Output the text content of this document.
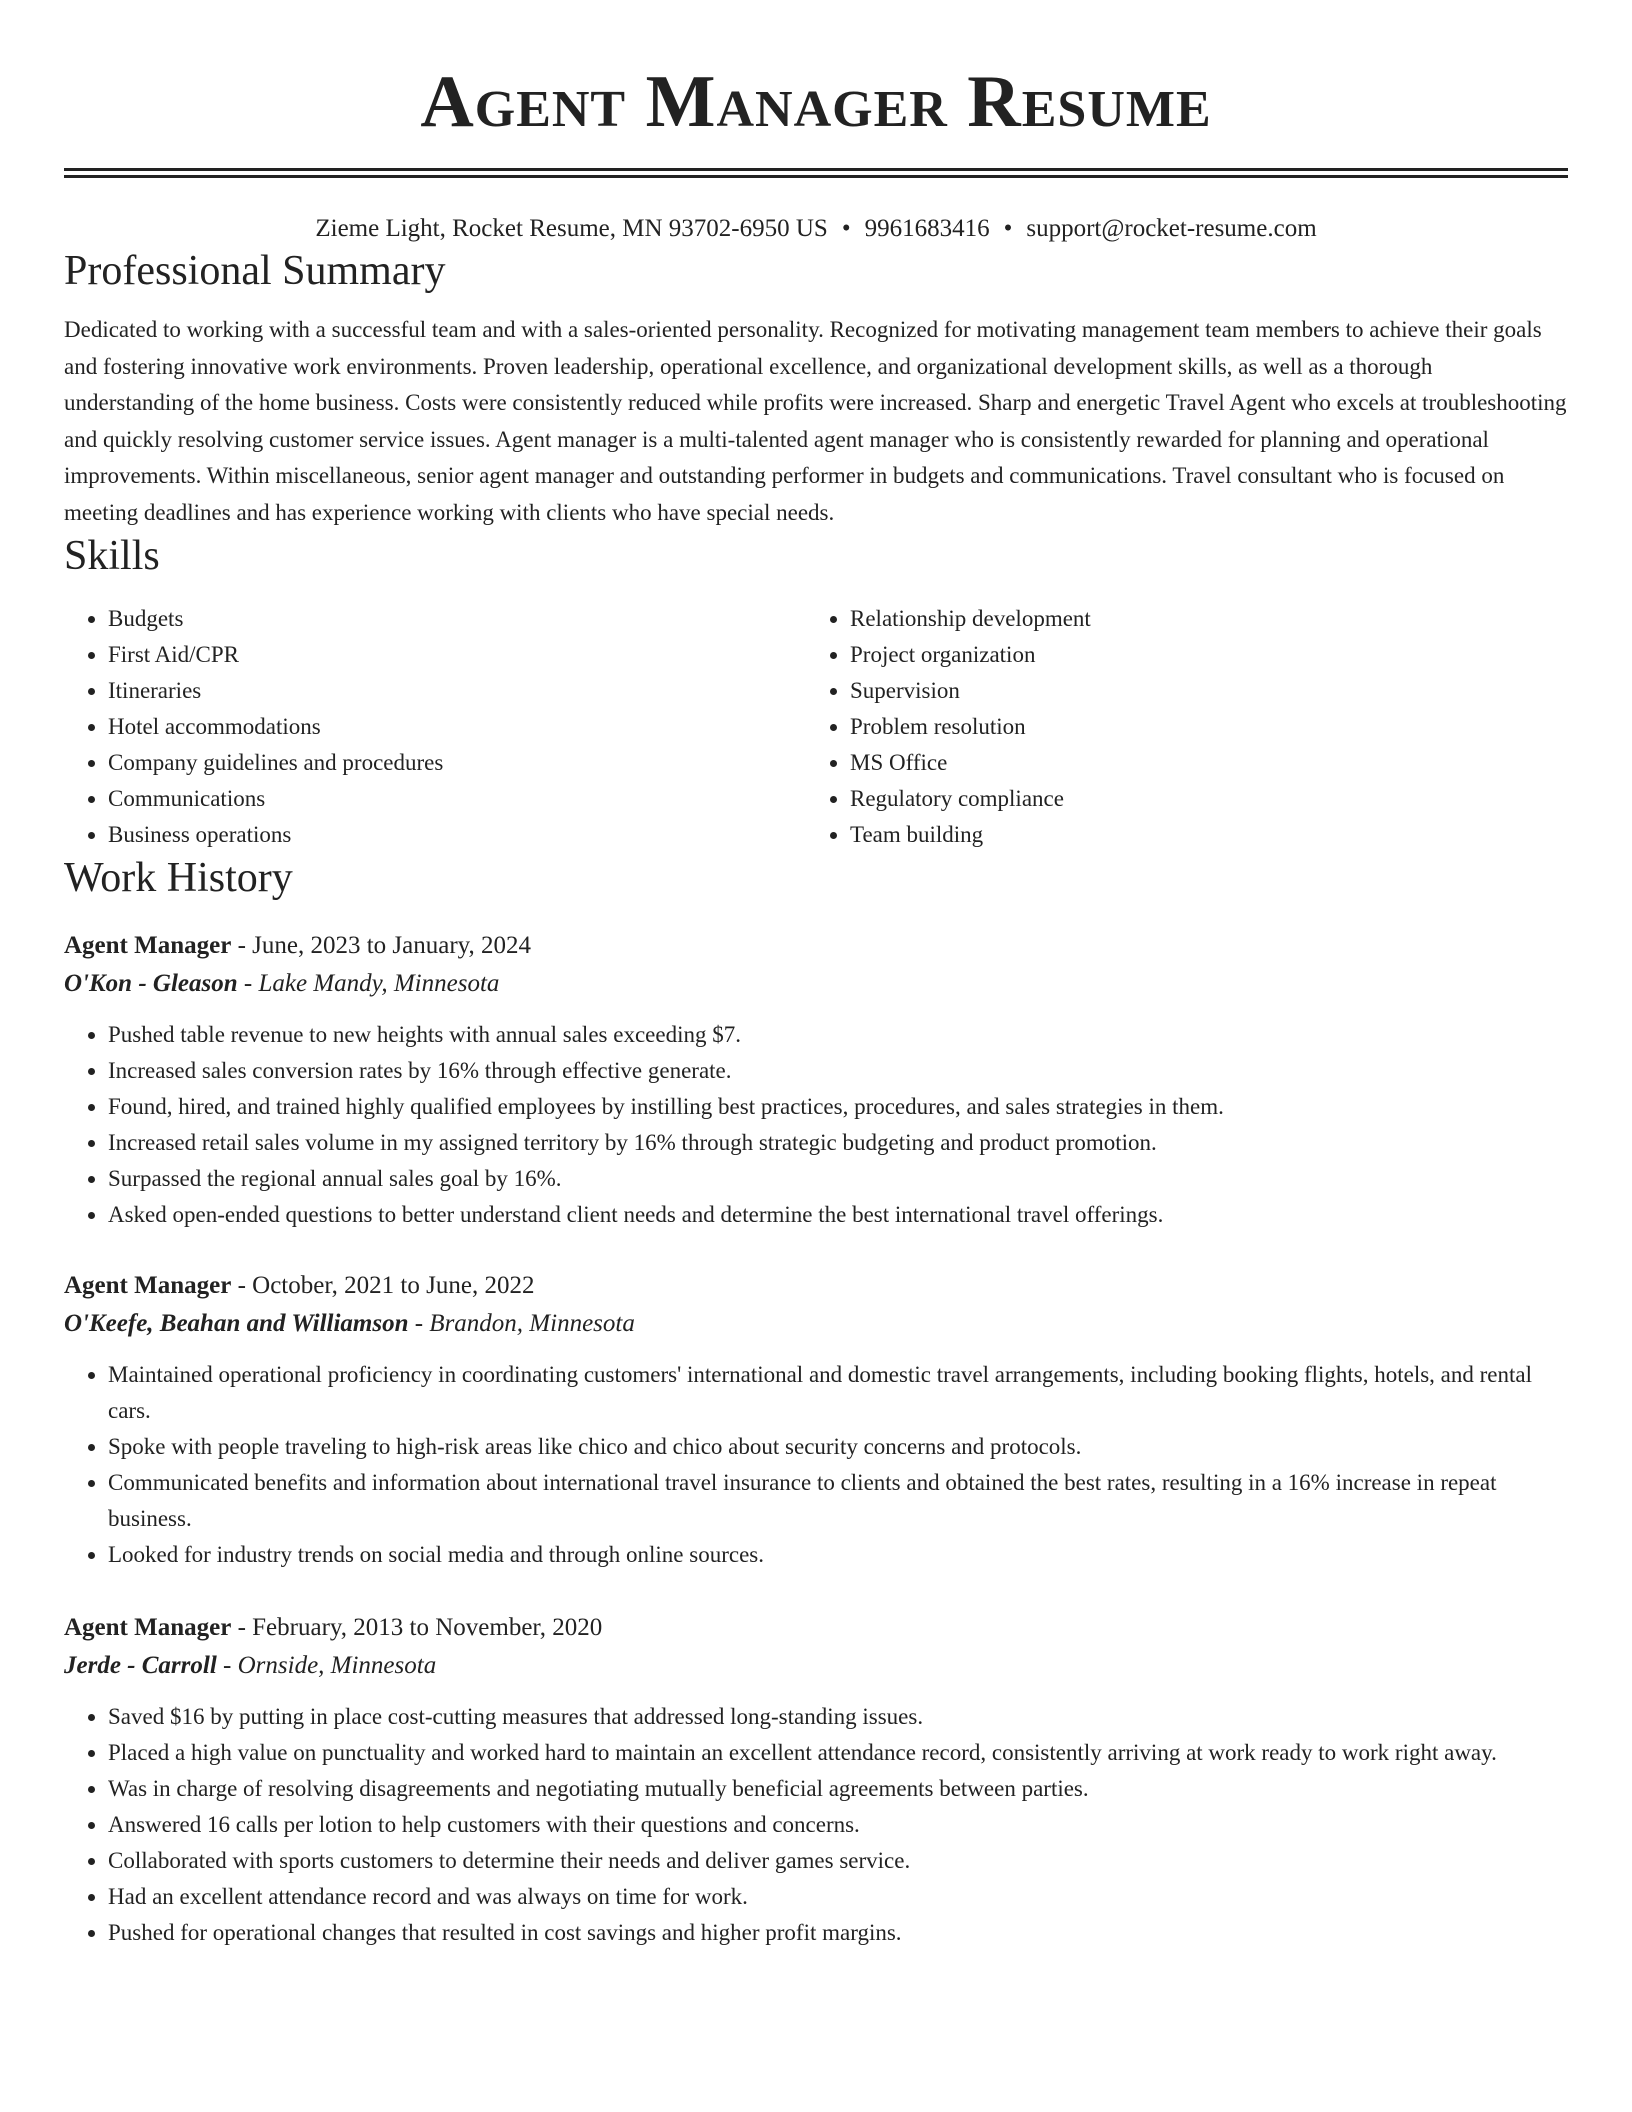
Agent Manager Resume
Zieme Light, Rocket Resume, MN 93702-6950 US • 9961683416 • support@rocket-resume.com
Professional Summary

Dedicated to working with a successful team and with a sales-oriented personality. Recognized for motivating management team members to achieve their goals and fostering innovative work environments. Proven leadership, operational excellence, and organizational development skills, as well as a thorough understanding of the home business. Costs were consistently reduced while profits were increased. Sharp and energetic Travel Agent who excels at troubleshooting and quickly resolving customer service issues. Agent manager is a multi-talented agent manager who is consistently rewarded for planning and operational improvements. Within miscellaneous, senior agent manager and outstanding performer in budgets and communications. Travel consultant who is focused on meeting deadlines and has experience working with clients who have special needs.

Skills
• Budgets
• First Aid/CPR
• Itineraries
• Hotel accommodations
• Company guidelines and procedures
• Communications
• Business operations
• Relationship development
• Project organization
• Supervision
• Problem resolution
• MS Office
• Regulatory compliance
• Team building
Work History
Agent Manager - June, 2023 to January, 2024
O'Kon - Gleason - Lake Mandy, Minnesota
• Pushed table revenue to new heights with annual sales exceeding $7.
• Increased sales conversion rates by 16% through effective generate.
• Found, hired, and trained highly qualified employees by instilling best practices, procedures, and sales strategies in them.
• Increased retail sales volume in my assigned territory by 16% through strategic budgeting and product promotion.
• Surpassed the regional annual sales goal by 16%.
• Asked open-ended questions to better understand client needs and determine the best international travel offerings.
Agent Manager - October, 2021 to June, 2022
O'Keefe, Beahan and Williamson - Brandon, Minnesota
• Maintained operational proficiency in coordinating customers' international and domestic travel arrangements, including booking flights, hotels, and rental cars.
• Spoke with people traveling to high-risk areas like chico and chico about security concerns and protocols.
• Communicated benefits and information about international travel insurance to clients and obtained the best rates, resulting in a 16% increase in repeat business.
• Looked for industry trends on social media and through online sources.
Agent Manager - February, 2013 to November, 2020
Jerde - Carroll - Ornside, Minnesota
• Saved $16 by putting in place cost-cutting measures that addressed long-standing issues.
• Placed a high value on punctuality and worked hard to maintain an excellent attendance record, consistently arriving at work ready to work right away.
• Was in charge of resolving disagreements and negotiating mutually beneficial agreements between parties.
• Answered 16 calls per lotion to help customers with their questions and concerns.
• Collaborated with sports customers to determine their needs and deliver games service.
• Had an excellent attendance record and was always on time for work.
• Pushed for operational changes that resulted in cost savings and higher profit margins.
